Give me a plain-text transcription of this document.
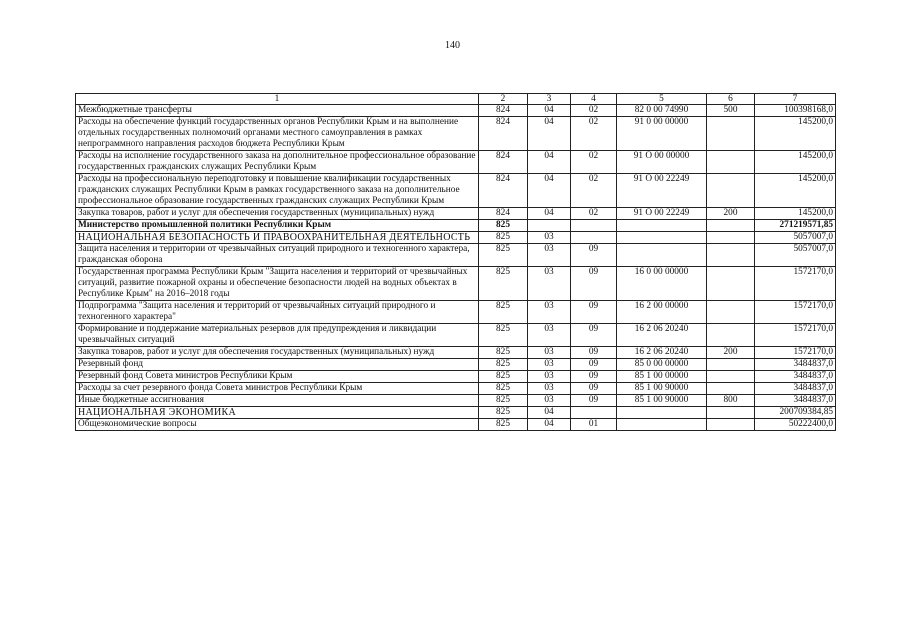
140
1	2	3	4	5	6	7
Межбюджетные трансферты	824	04	02	82 0 00 74990	500	100398168,0
Расходы на обеспечение функций государственных органов Республики Крым и на выполнение отдельных государственных полномочий органами местного самоуправления в рамках непрограммного направления расходов бюджета Республики Крым	824	04	02	91 0 00 00000		145200,0
Расходы на исполнение государственного заказа на дополнительное профессиональное образование государственных гражданских служащих Республики Крым	824	04	02	91 О 00 00000		145200,0
Расходы на профессиональную переподготовку и повышение квалификации государственных гражданских служащих Республики Крым в рамках государственного заказа на дополнительное профессиональное образование государственных гражданских служащих Республики Крым	824	04	02	91 О 00 22249		145200,0
Закупка товаров, работ и услуг для обеспечения государственных (муниципальных) нужд	824	04	02	91 О 00 22249	200	145200,0
Министерство промышленной политики Республики Крым	825					271219571,85
НАЦИОНАЛЬНАЯ БЕЗОПАСНОСТЬ И ПРАВООХРАНИТЕЛЬНАЯ ДЕЯТЕЛЬНОСТЬ	825	03				5057007,0
Защита населения и территории от чрезвычайных ситуаций природного и техногенного характера, гражданская оборона	825	03	09			5057007,0
Государственная программа Республики Крым "Защита населения и территорий от чрезвычайных ситуаций, развитие пожарной охраны и обеспечение безопасности людей на водных объектах в Республике Крым" на 2016–2018 годы	825	03	09	16 0 00 00000		1572170,0
Подпрограмма "Защита населения и территорий от чрезвычайных ситуаций природного и техногенного характера"	825	03	09	16 2 00 00000		1572170,0
Формирование и поддержание материальных резервов для предупреждения и ликвидации чрезвычайных ситуаций	825	03	09	16 2 06 20240		1572170,0
Закупка товаров, работ и услуг для обеспечения государственных (муниципальных) нужд	825	03	09	16 2 06 20240	200	1572170,0
Резервный фонд	825	03	09	85 0 00 00000		3484837,0
Резервный фонд Совета министров Республики Крым	825	03	09	85 1 00 00000		3484837,0
Расходы за счет резервного фонда Совета министров Республики Крым	825	03	09	85 1 00 90000		3484837,0
Иные бюджетные ассигнования	825	03	09	85 1 00 90000	800	3484837,0
НАЦИОНАЛЬНАЯ ЭКОНОМИКА	825	04				200709384,85
Общеэкономические вопросы	825	04	01			50222400,0
